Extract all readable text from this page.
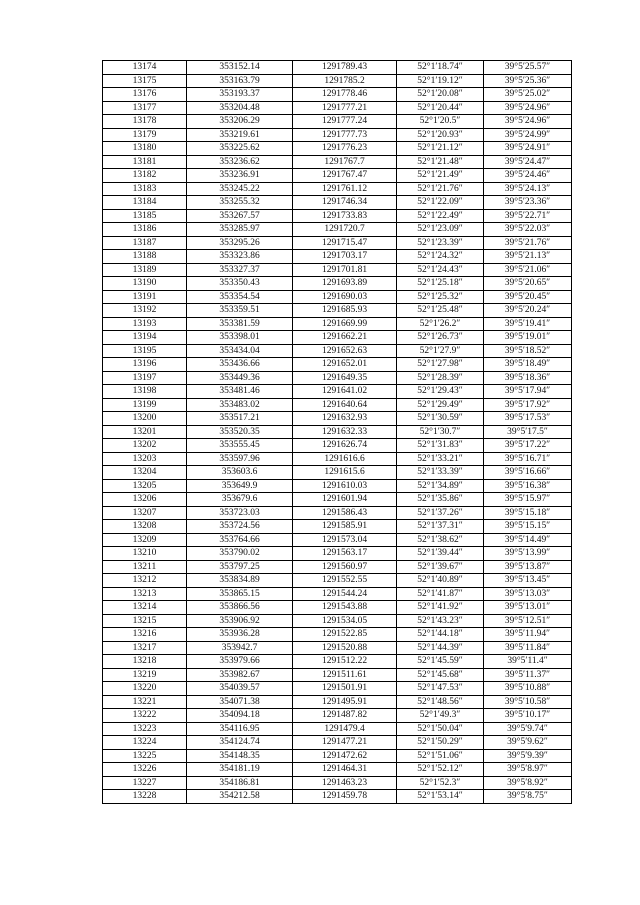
13174	353152.14	1291789.43	52°1′18.74″	39°5′25.57″
13175	353163.79	1291785.2	52°1′19.12″	39°5′25.36″
13176	353193.37	1291778.46	52°1′20.08″	39°5′25.02″
13177	353204.48	1291777.21	52°1′20.44″	39°5′24.96″
13178	353206.29	1291777.24	52°1′20.5″	39°5′24.96″
13179	353219.61	1291777.73	52°1′20.93″	39°5′24.99″
13180	353225.62	1291776.23	52°1′21.12″	39°5′24.91″
13181	353236.62	1291767.7	52°1′21.48″	39°5′24.47″
13182	353236.91	1291767.47	52°1′21.49″	39°5′24.46″
13183	353245.22	1291761.12	52°1′21.76″	39°5′24.13″
13184	353255.32	1291746.34	52°1′22.09″	39°5′23.36″
13185	353267.57	1291733.83	52°1′22.49″	39°5′22.71″
13186	353285.97	1291720.7	52°1′23.09″	39°5′22.03″
13187	353295.26	1291715.47	52°1′23.39″	39°5′21.76″
13188	353323.86	1291703.17	52°1′24.32″	39°5′21.13″
13189	353327.37	1291701.81	52°1′24.43″	39°5′21.06″
13190	353350.43	1291693.89	52°1′25.18″	39°5′20.65″
13191	353354.54	1291690.03	52°1′25.32″	39°5′20.45″
13192	353359.51	1291685.93	52°1′25.48″	39°5′20.24″
13193	353381.59	1291669.99	52°1′26.2″	39°5′19.41″
13194	353398.01	1291662.21	52°1′26.73″	39°5′19.01″
13195	353434.04	1291652.63	52°1′27.9″	39°5′18.52″
13196	353436.66	1291652.01	52°1′27.98″	39°5′18.49″
13197	353449.36	1291649.35	52°1′28.39″	39°5′18.36″
13198	353481.46	1291641.02	52°1′29.43″	39°5′17.94″
13199	353483.02	1291640.64	52°1′29.49″	39°5′17.92″
13200	353517.21	1291632.93	52°1′30.59″	39°5′17.53″
13201	353520.35	1291632.33	52°1′30.7″	39°5′17.5″
13202	353555.45	1291626.74	52°1′31.83″	39°5′17.22″
13203	353597.96	1291616.6	52°1′33.21″	39°5′16.71″
13204	353603.6	1291615.6	52°1′33.39″	39°5′16.66″
13205	353649.9	1291610.03	52°1′34.89″	39°5′16.38″
13206	353679.6	1291601.94	52°1′35.86″	39°5′15.97″
13207	353723.03	1291586.43	52°1′37.26″	39°5′15.18″
13208	353724.56	1291585.91	52°1′37.31″	39°5′15.15″
13209	353764.66	1291573.04	52°1′38.62″	39°5′14.49″
13210	353790.02	1291563.17	52°1′39.44″	39°5′13.99″
13211	353797.25	1291560.97	52°1′39.67″	39°5′13.87″
13212	353834.89	1291552.55	52°1′40.89″	39°5′13.45″
13213	353865.15	1291544.24	52°1′41.87″	39°5′13.03″
13214	353866.56	1291543.88	52°1′41.92″	39°5′13.01″
13215	353906.92	1291534.05	52°1′43.23″	39°5′12.51″
13216	353936.28	1291522.85	52°1′44.18″	39°5′11.94″
13217	353942.7	1291520.88	52°1′44.39″	39°5′11.84″
13218	353979.66	1291512.22	52°1′45.59″	39°5′11.4″
13219	353982.67	1291511.61	52°1′45.68″	39°5′11.37″
13220	354039.57	1291501.91	52°1′47.53″	39°5′10.88″
13221	354071.38	1291495.91	52°1′48.56″	39°5′10.58″
13222	354094.18	1291487.82	52°1′49.3″	39°5′10.17″
13223	354116.95	1291479.4	52°1′50.04″	39°5′9.74″
13224	354124.74	1291477.21	52°1′50.29″	39°5′9.62″
13225	354148.35	1291472.62	52°1′51.06″	39°5′9.39″
13226	354181.19	1291464.31	52°1′52.12″	39°5′8.97″
13227	354186.81	1291463.23	52°1′52.3″	39°5′8.92″
13228	354212.58	1291459.78	52°1′53.14″	39°5′8.75″
